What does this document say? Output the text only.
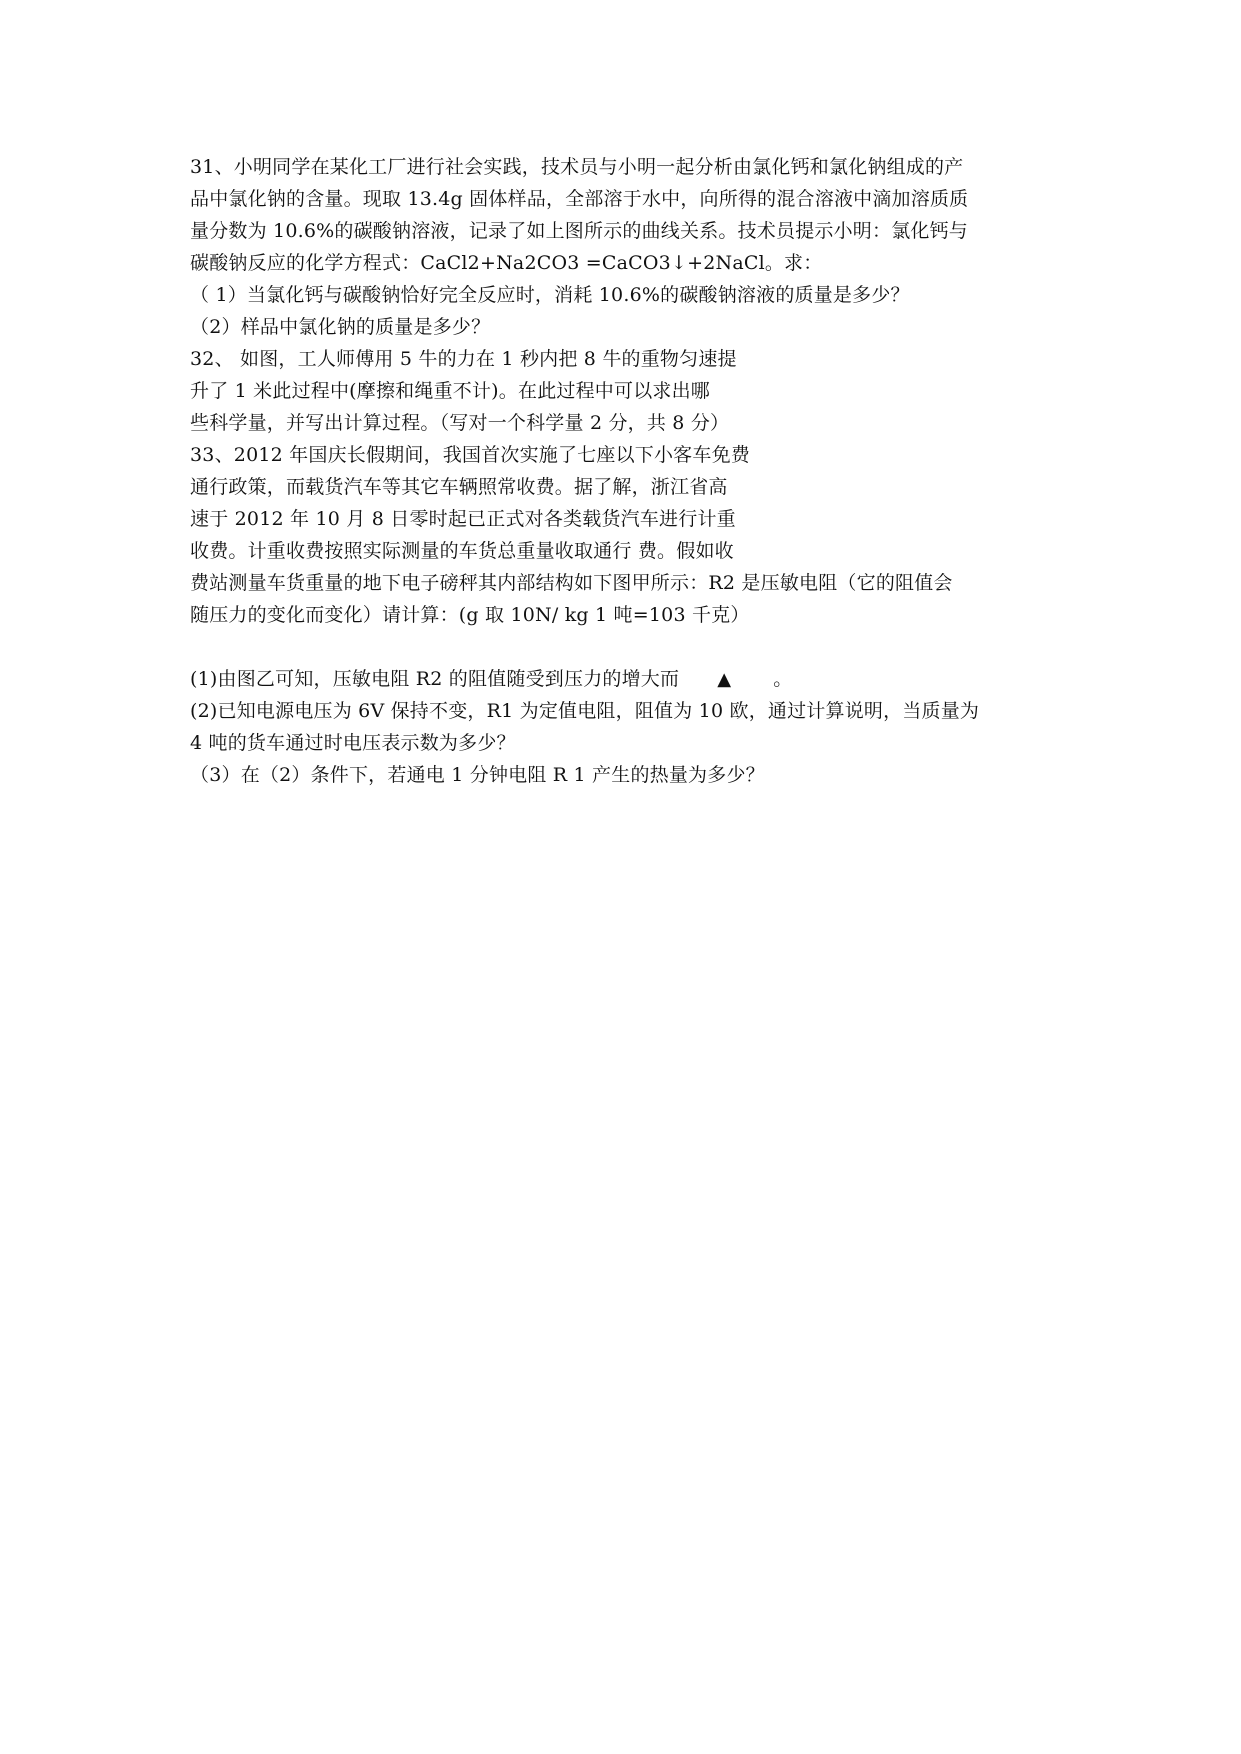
31、小明同学在某化工厂进行社会实践，技术员与小明一起分析由氯化钙和氯化钠组成的产
品中氯化钠的含量。现取 13.4g 固体样品，全部溶于水中，向所得的混合溶液中滴加溶质质
量分数为 10.6%的碳酸钠溶液，记录了如上图所示的曲线关系。技术员提示小明：氯化钙与
碳酸钠反应的化学方程式：CaCl2+Na2CO3 =CaCO3↓+2NaCl。求：
（ 1）当氯化钙与碳酸钠恰好完全反应时，消耗 10.6%的碳酸钠溶液的质量是多少？
（2）样品中氯化钠的质量是多少？
32、 如图，工人师傅用 5 牛的力在 1 秒内把 8 牛的重物匀速提
升了 1 米此过程中(摩擦和绳重不计)。在此过程中可以求出哪
些科学量，并写出计算过程。（写对一个科学量 2 分，共 8 分）
33、2012 年国庆长假期间，我国首次实施了七座以下小客车免费
通行政策，而载货汽车等其它车辆照常收费。据了解，浙江省高
速于 2012 年 10 月 8 日零时起已正式对各类载货汽车进行计重
收费。计重收费按照实际测量的车货总重量收取通行 费。假如收
费站测量车货重量的地下电子磅秤其内部结构如下图甲所示：R2 是压敏电阻（它的阻值会
随压力的变化而变化）请计算：(g 取 10N/ kg 1 吨=103 千克）
(1)由图乙可知，压敏电阻 R2 的阻值随受到压力的增大而 ▲ 。
(2)已知电源电压为 6V 保持不变，R1 为定值电阻，阻值为 10 欧，通过计算说明，当质量为
4 吨的货车通过时电压表示数为多少？
（3）在（2）条件下，若通电 1 分钟电阻 R 1 产生的热量为多少？
